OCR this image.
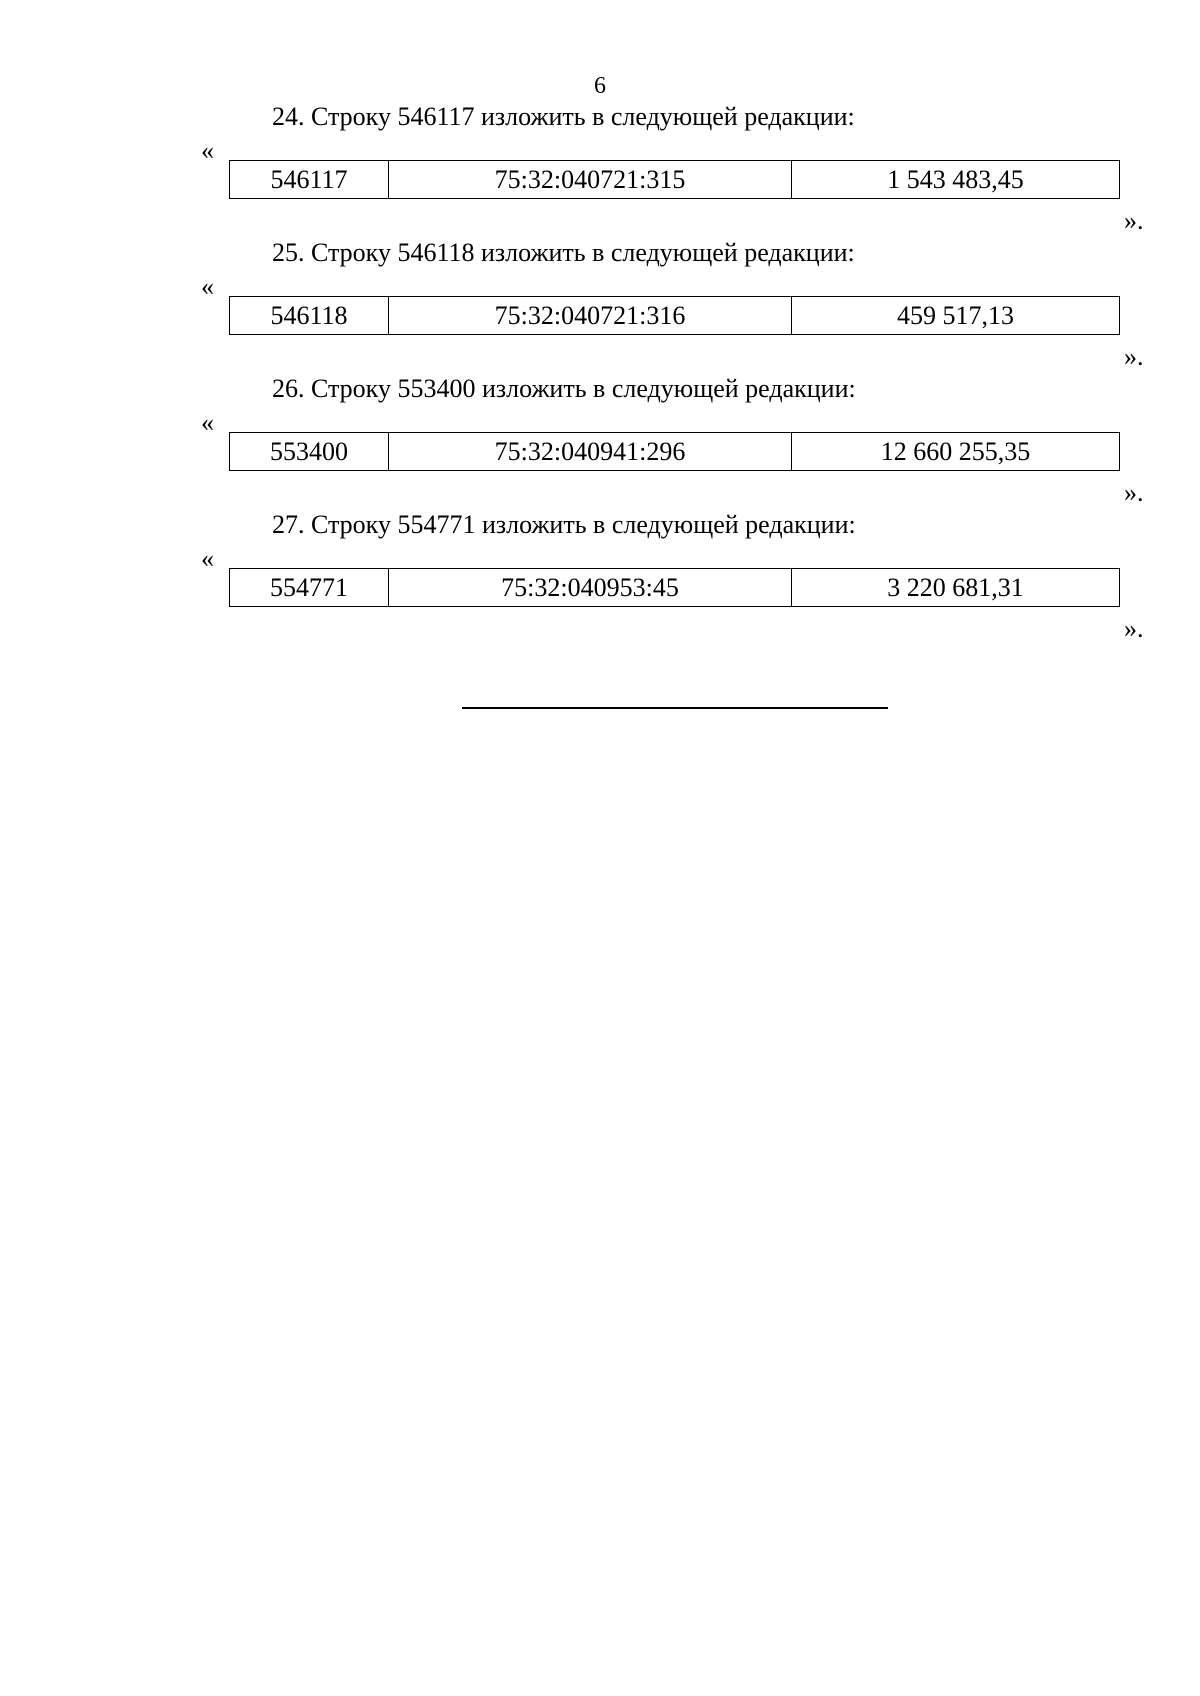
6
24. Строку 546117 изложить в следующей редакции:
«
546117	75:32:040721:315	1 543 483,45
».
25. Строку 546118 изложить в следующей редакции:
«
546118	75:32:040721:316	459 517,13
».
26. Строку 553400 изложить в следующей редакции:
«
553400	75:32:040941:296	12 660 255,35
».
27. Строку 554771 изложить в следующей редакции:
«
554771	75:32:040953:45	3 220 681,31
».
